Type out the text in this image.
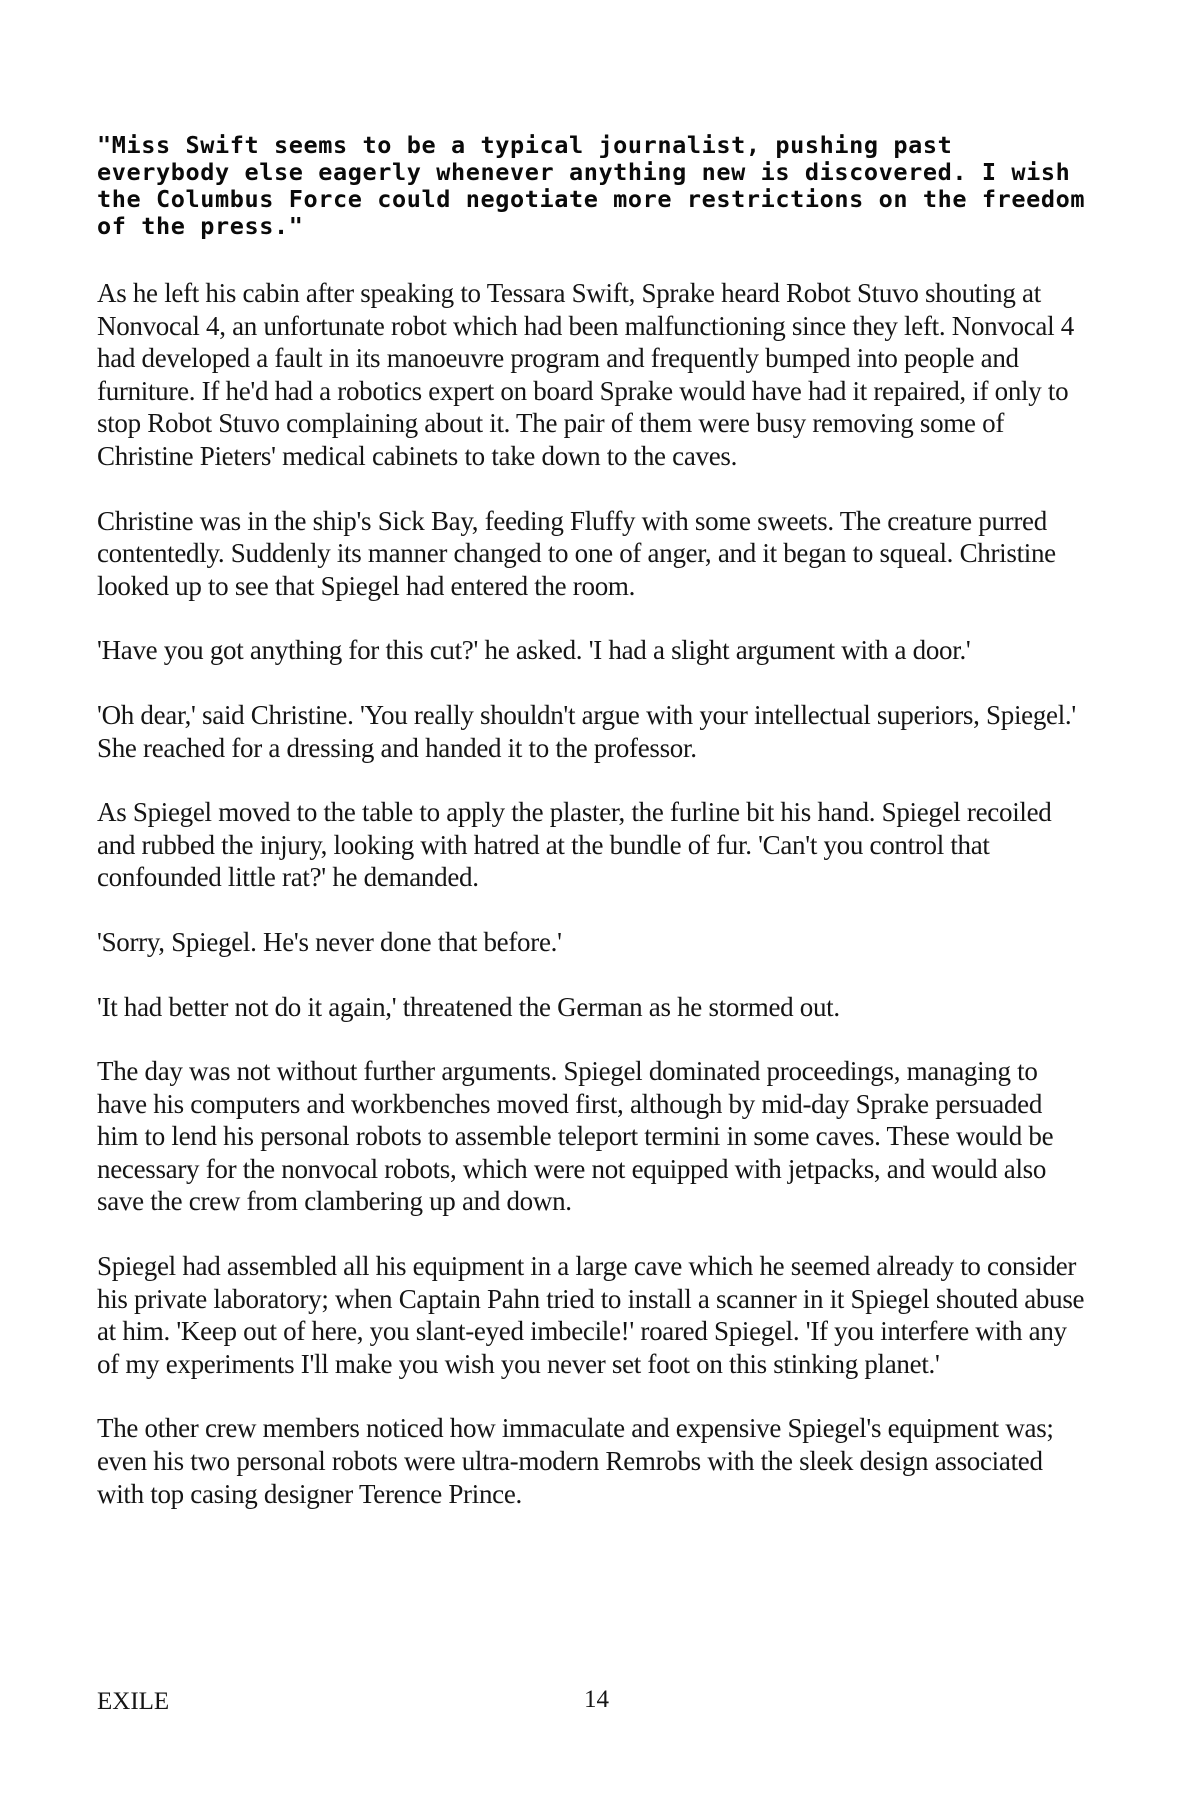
"Miss Swift seems to be a typical journalist, pushing past everybody else eagerly whenever anything new is discovered. I wish the Columbus Force could negotiate more restrictions on the freedom of the press."

As he left his cabin after speaking to Tessara Swift, Sprake heard Robot Stuvo shouting at Nonvocal 4, an unfortunate robot which had been malfunctioning since they left. Nonvocal 4 had developed a fault in its manoeuvre program and frequently bumped into people and furniture. If he'd had a robotics expert on board Sprake would have had it repaired, if only to stop Robot Stuvo complaining about it. The pair of them were busy removing some of Christine Pieters' medical cabinets to take down to the caves.

Christine was in the ship's Sick Bay, feeding Fluffy with some sweets. The creature purred contentedly. Suddenly its manner changed to one of anger, and it began to squeal. Christine looked up to see that Spiegel had entered the room.

'Have you got anything for this cut?' he asked. 'I had a slight argument with a door.'

'Oh dear,' said Christine. 'You really shouldn't argue with your intellectual superiors, Spiegel.' She reached for a dressing and handed it to the professor.

As Spiegel moved to the table to apply the plaster, the furline bit his hand. Spiegel recoiled and rubbed the injury, looking with hatred at the bundle of fur. 'Can't you control that confounded little rat?' he demanded.

'Sorry, Spiegel. He's never done that before.'

'It had better not do it again,' threatened the German as he stormed out.

The day was not without further arguments. Spiegel dominated proceedings, managing to have his computers and workbenches moved first, although by mid-day Sprake persuaded him to lend his personal robots to assemble teleport termini in some caves. These would be necessary for the nonvocal robots, which were not equipped with jetpacks, and would also save the crew from clambering up and down.

Spiegel had assembled all his equipment in a large cave which he seemed already to consider his private laboratory; when Captain Pahn tried to install a scanner in it Spiegel shouted abuse at him. 'Keep out of here, you slant-eyed imbecile!' roared Spiegel. 'If you interfere with any of my experiments I'll make you wish you never set foot on this stinking planet.'

The other crew members noticed how immaculate and expensive Spiegel's equipment was; even his two personal robots were ultra-modern Remrobs with the sleek design associated with top casing designer Terence Prince.

EXILE	14
